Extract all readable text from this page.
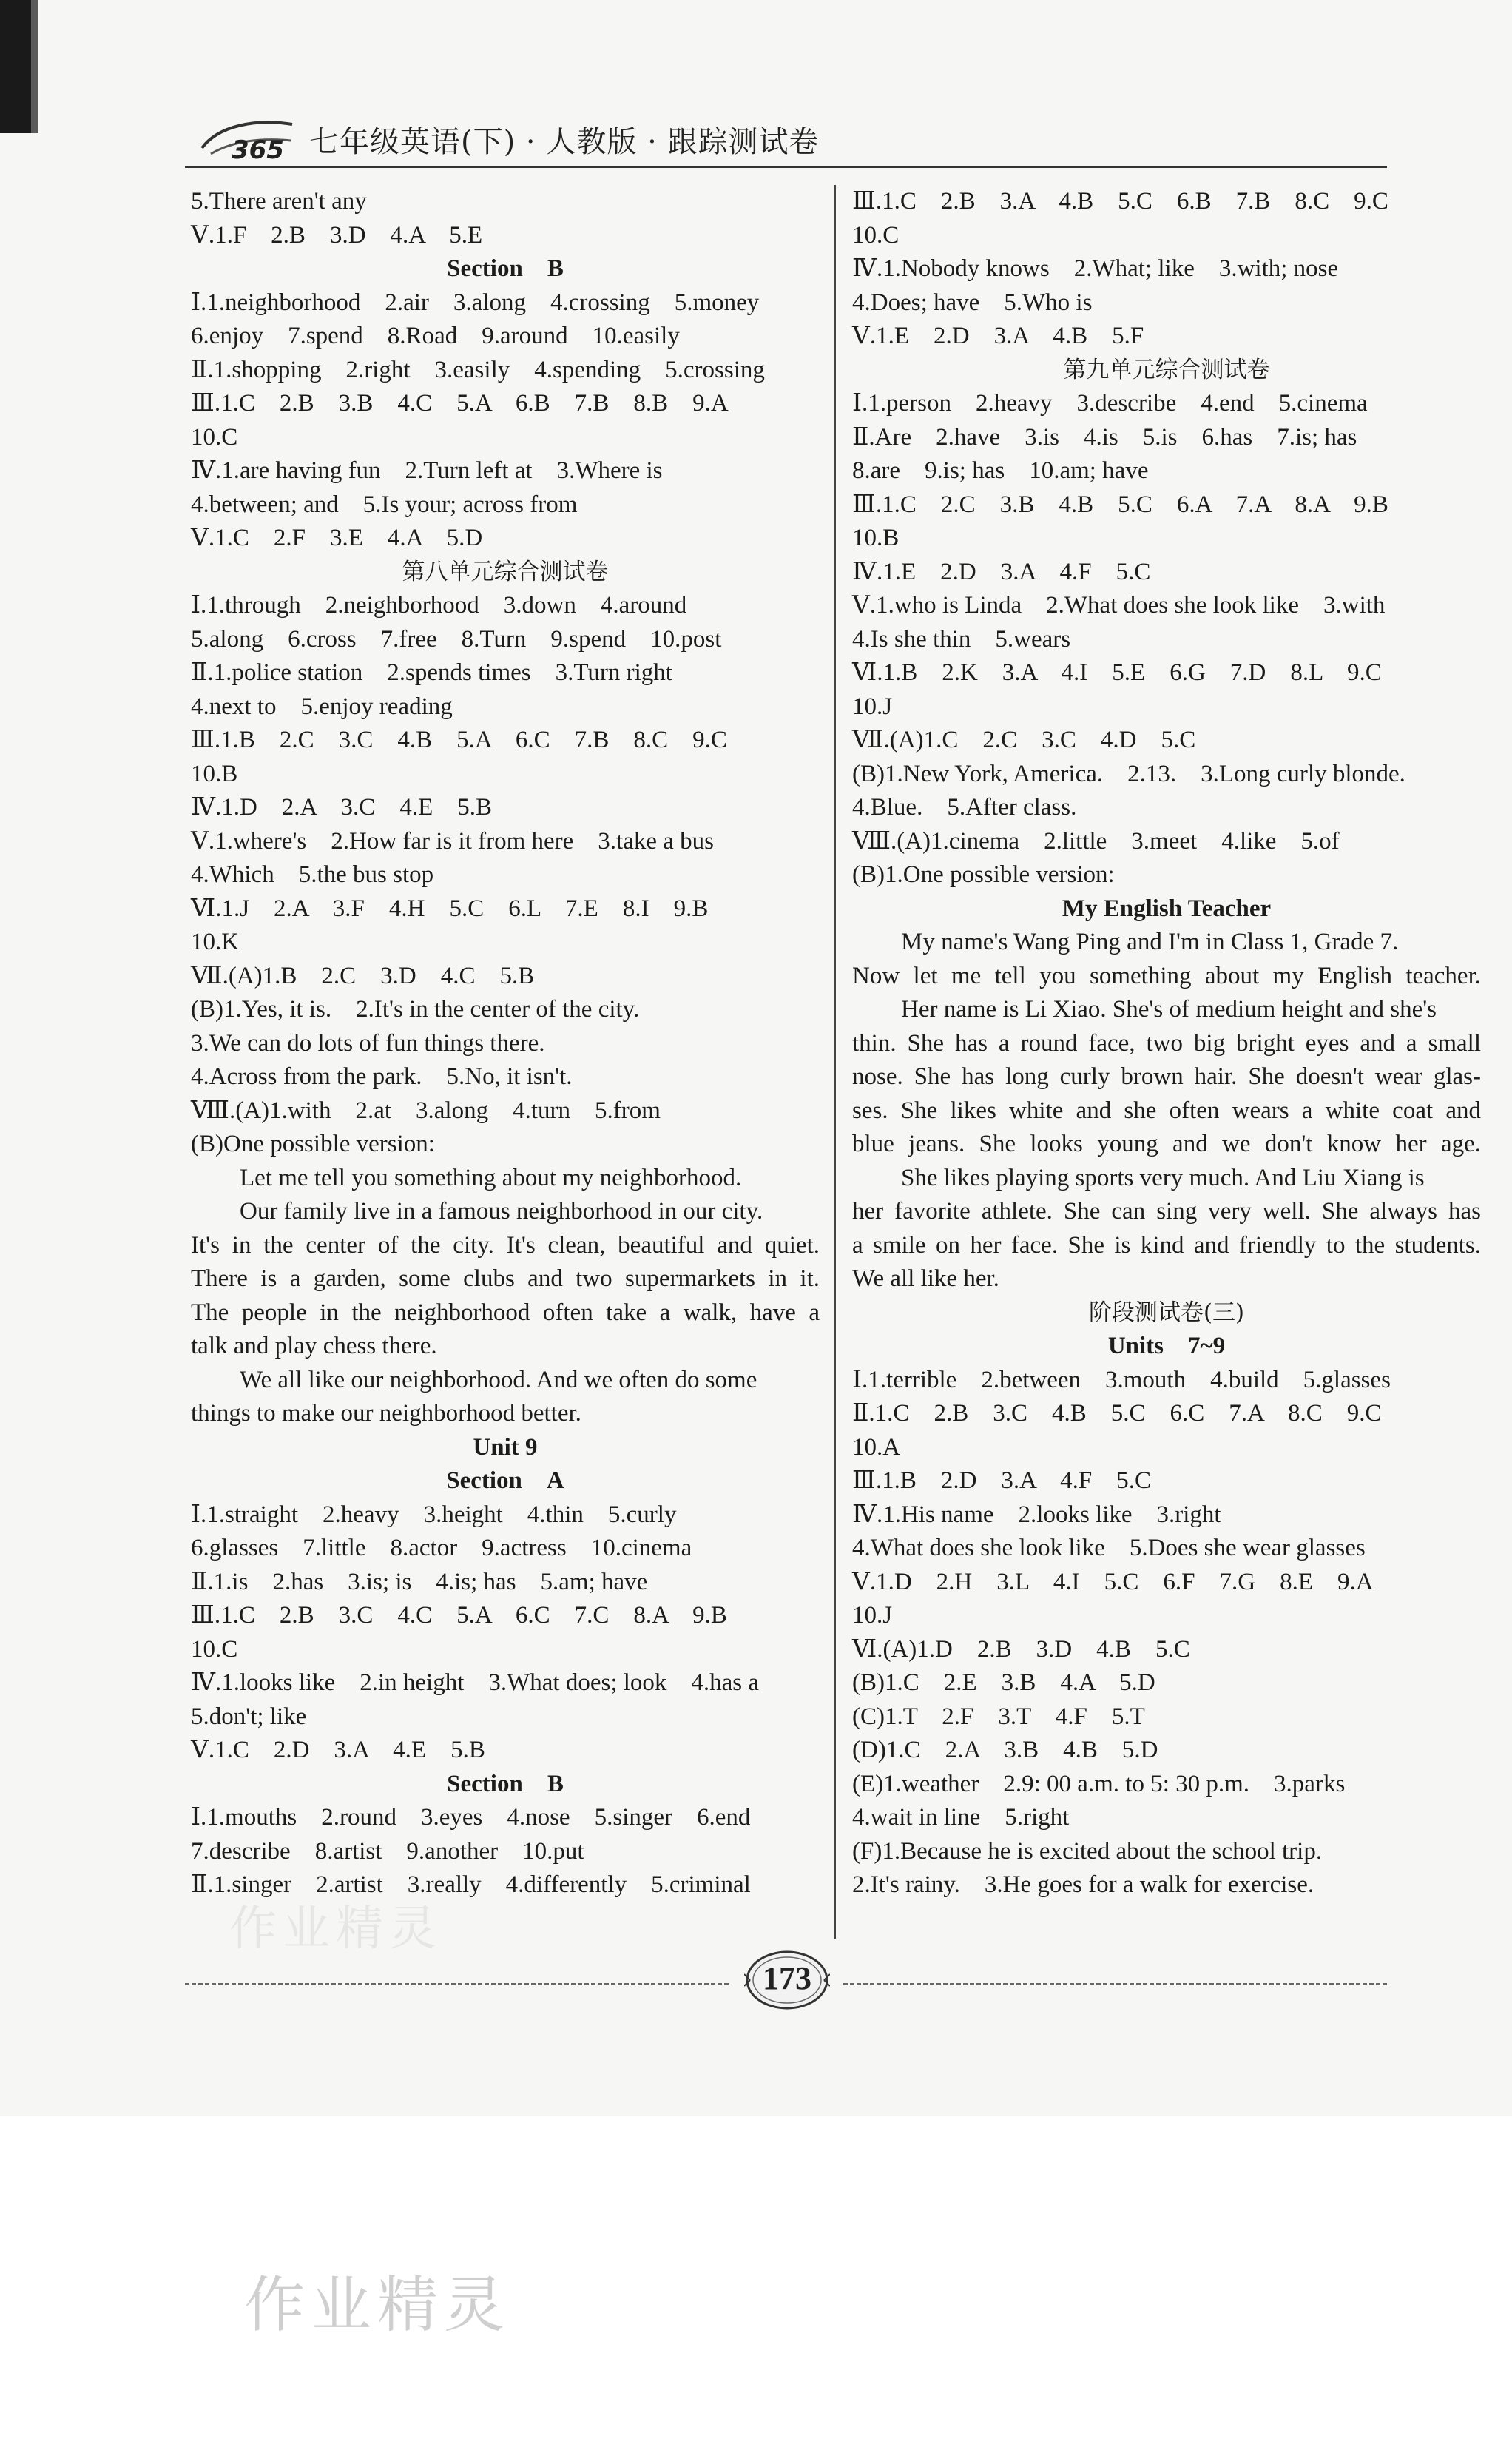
365 七年级英语(下) · 人教版 · 跟踪测试卷
5.There aren't any
Ⅴ.1.F　2.B　3.D　4.A　5.E
Section　B
Ⅰ.1.neighborhood　2.air　3.along　4.crossing　5.money
6.enjoy　7.spend　8.Road　9.around　10.easily
Ⅱ.1.shopping　2.right　3.easily　4.spending　5.crossing
Ⅲ.1.C　2.B　3.B　4.C　5.A　6.B　7.B　8.B　9.A
10.C
Ⅳ.1.are having fun　2.Turn left at　3.Where is
4.between; and　5.Is your; across from
Ⅴ.1.C　2.F　3.E　4.A　5.D
第八单元综合测试卷
Ⅰ.1.through　2.neighborhood　3.down　4.around
5.along　6.cross　7.free　8.Turn　9.spend　10.post
Ⅱ.1.police station　2.spends times　3.Turn right
4.next to　5.enjoy reading
Ⅲ.1.B　2.C　3.C　4.B　5.A　6.C　7.B　8.C　9.C
10.B
Ⅳ.1.D　2.A　3.C　4.E　5.B
Ⅴ.1.where's　2.How far is it from here　3.take a bus
4.Which　5.the bus stop
Ⅵ.1.J　2.A　3.F　4.H　5.C　6.L　7.E　8.I　9.B
10.K
Ⅶ.(A)1.B　2.C　3.D　4.C　5.B
(B)1.Yes, it is.　2.It's in the center of the city.
3.We can do lots of fun things there.
4.Across from the park.　5.No, it isn't.
Ⅷ.(A)1.with　2.at　3.along　4.turn　5.from
(B)One possible version:
Let me tell you something about my neighborhood.
Our family live in a famous neighborhood in our city.
It's in the center of the city. It's clean, beautiful and quiet.
There is a garden, some clubs and two supermarkets in it.
The people in the neighborhood often take a walk, have a
talk and play chess there.
We all like our neighborhood. And we often do some
things to make our neighborhood better.
Unit 9
Section　A
Ⅰ.1.straight　2.heavy　3.height　4.thin　5.curly
6.glasses　7.little　8.actor　9.actress　10.cinema
Ⅱ.1.is　2.has　3.is; is　4.is; has　5.am; have
Ⅲ.1.C　2.B　3.C　4.C　5.A　6.C　7.C　8.A　9.B
10.C
Ⅳ.1.looks like　2.in height　3.What does; look　4.has a
5.don't; like
Ⅴ.1.C　2.D　3.A　4.E　5.B
Section　B
Ⅰ.1.mouths　2.round　3.eyes　4.nose　5.singer　6.end
7.describe　8.artist　9.another　10.put
Ⅱ.1.singer　2.artist　3.really　4.differently　5.criminal
Ⅲ.1.C　2.B　3.A　4.B　5.C　6.B　7.B　8.C　9.C
10.C
Ⅳ.1.Nobody knows　2.What; like　3.with; nose
4.Does; have　5.Who is
Ⅴ.1.E　2.D　3.A　4.B　5.F
第九单元综合测试卷
Ⅰ.1.person　2.heavy　3.describe　4.end　5.cinema
Ⅱ.Are　2.have　3.is　4.is　5.is　6.has　7.is; has
8.are　9.is; has　10.am; have
Ⅲ.1.C　2.C　3.B　4.B　5.C　6.A　7.A　8.A　9.B
10.B
Ⅳ.1.E　2.D　3.A　4.F　5.C
Ⅴ.1.who is Linda　2.What does she look like　3.with
4.Is she thin　5.wears
Ⅵ.1.B　2.K　3.A　4.I　5.E　6.G　7.D　8.L　9.C
10.J
Ⅶ.(A)1.C　2.C　3.C　4.D　5.C
(B)1.New York, America.　2.13.　3.Long curly blonde.
4.Blue.　5.After class.
Ⅷ.(A)1.cinema　2.little　3.meet　4.like　5.of
(B)1.One possible version:
My English Teacher
My name's Wang Ping and I'm in Class 1, Grade 7.
Now let me tell you something about my English teacher.
Her name is Li Xiao. She's of medium height and she's
thin. She has a round face, two big bright eyes and a small
nose. She has long curly brown hair. She doesn't wear glas-
ses. She likes white and she often wears a white coat and
blue jeans. She looks young and we don't know her age.
She likes playing sports very much. And Liu Xiang is
her favorite athlete. She can sing very well. She always has
a smile on her face. She is kind and friendly to the students.
We all like her.
阶段测试卷(三)
Units　7~9
Ⅰ.1.terrible　2.between　3.mouth　4.build　5.glasses
Ⅱ.1.C　2.B　3.C　4.B　5.C　6.C　7.A　8.C　9.C
10.A
Ⅲ.1.B　2.D　3.A　4.F　5.C
Ⅳ.1.His name　2.looks like　3.right
4.What does she look like　5.Does she wear glasses
Ⅴ.1.D　2.H　3.L　4.I　5.C　6.F　7.G　8.E　9.A
10.J
Ⅵ.(A)1.D　2.B　3.D　4.B　5.C
(B)1.C　2.E　3.B　4.A　5.D
(C)1.T　2.F　3.T　4.F　5.T
(D)1.C　2.A　3.B　4.B　5.D
(E)1.weather　2.9: 00 a.m. to 5: 30 p.m.　3.parks
4.wait in line　5.right
(F)1.Because he is excited about the school trip.
2.It's rainy.　3.He goes for a walk for exercise.
作业精灵
173
作业精灵
